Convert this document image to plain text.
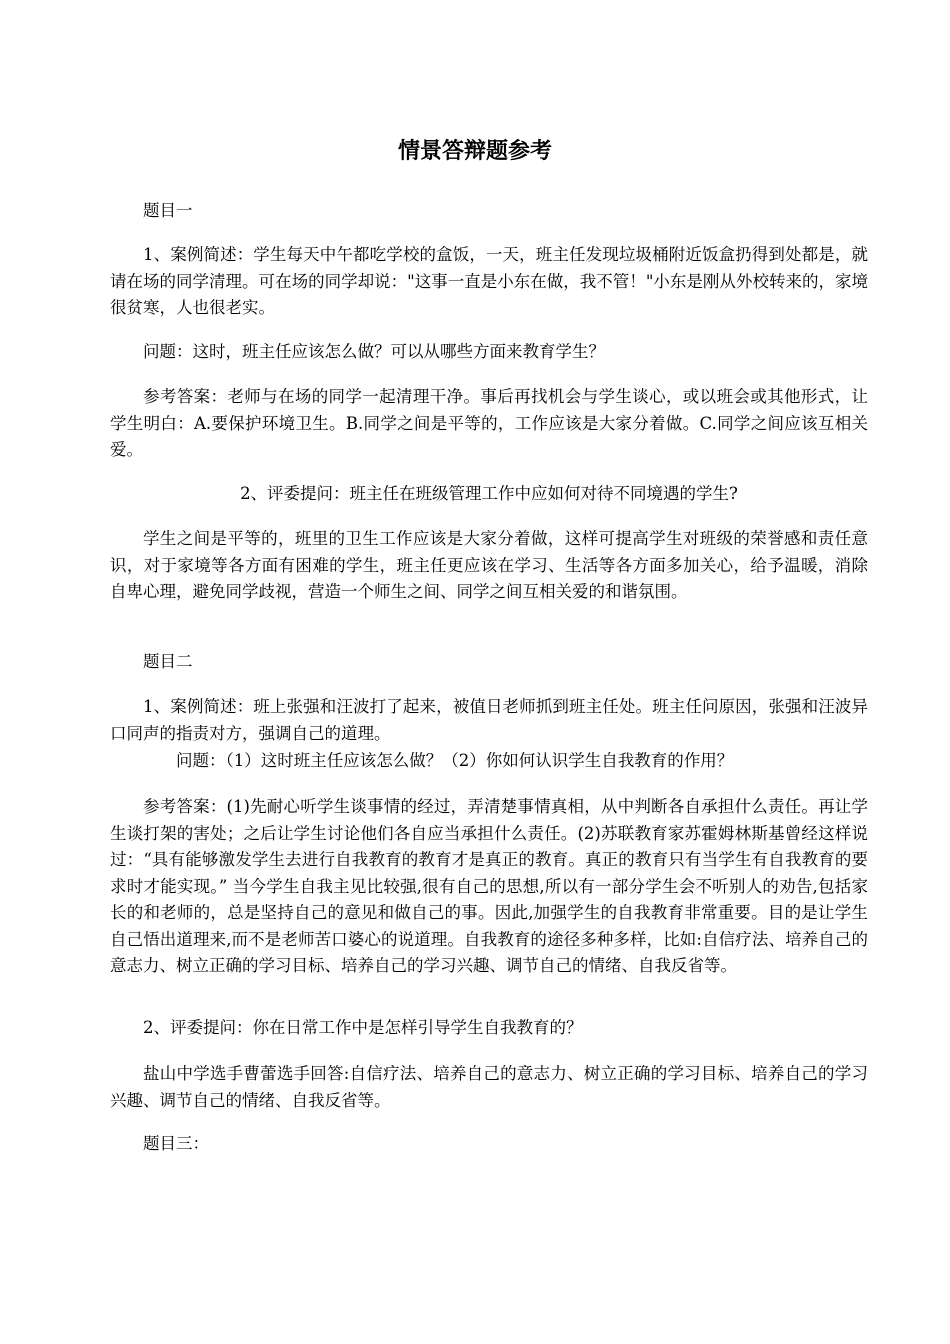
情景答辩题参考

题目一

1、案例简述：学生每天中午都吃学校的盒饭，一天，班主任发现垃圾桶附近饭盒扔得到处都是，就请在场的同学清理。可在场的同学却说："这事一直是小东在做，我不管！"小东是刚从外校转来的，家境很贫寒，人也很老实。

问题：这时，班主任应该怎么做？可以从哪些方面来教育学生？

参考答案：老师与在场的同学一起清理干净。事后再找机会与学生谈心，或以班会或其他形式，让学生明白：A.要保护环境卫生。B.同学之间是平等的，工作应该是大家分着做。C.同学之间应该互相关爱。

2、评委提问：班主任在班级管理工作中应如何对待不同境遇的学生?

学生之间是平等的，班里的卫生工作应该是大家分着做，这样可提高学生对班级的荣誉感和责任意识，对于家境等各方面有困难的学生，班主任更应该在学习、生活等各方面多加关心，给予温暖，消除自卑心理，避免同学歧视，营造一个师生之间、同学之间互相关爱的和谐氛围。

题目二

1、案例简述：班上张强和汪波打了起来，被值日老师抓到班主任处。班主任问原因，张强和汪波异口同声的指责对方，强调自己的道理。

问题：（1）这时班主任应该怎么做？（2）你如何认识学生自我教育的作用？

参考答案：(1)先耐心听学生谈事情的经过，弄清楚事情真相，从中判断各自承担什么责任。再让学生谈打架的害处；之后让学生讨论他们各自应当承担什么责任。(2)苏联教育家苏霍姆林斯基曾经这样说过：“具有能够激发学生去进行自我教育的教育才是真正的教育。真正的教育只有当学生有自我教育的要求时才能实现。” 当今学生自我主见比较强,很有自己的思想,所以有一部分学生会不听别人的劝告,包括家长的和老师的，总是坚持自己的意见和做自己的事。因此,加强学生的自我教育非常重要。目的是让学生自己悟出道理来,而不是老师苦口婆心的说道理。自我教育的途径多种多样，比如:自信疗法、培养自己的意志力、树立正确的学习目标、培养自己的学习兴趣、调节自己的情绪、自我反省等。

2、评委提问：你在日常工作中是怎样引导学生自我教育的？

盐山中学选手曹蕾选手回答:自信疗法、培养自己的意志力、树立正确的学习目标、培养自己的学习兴趣、调节自己的情绪、自我反省等。

题目三：
